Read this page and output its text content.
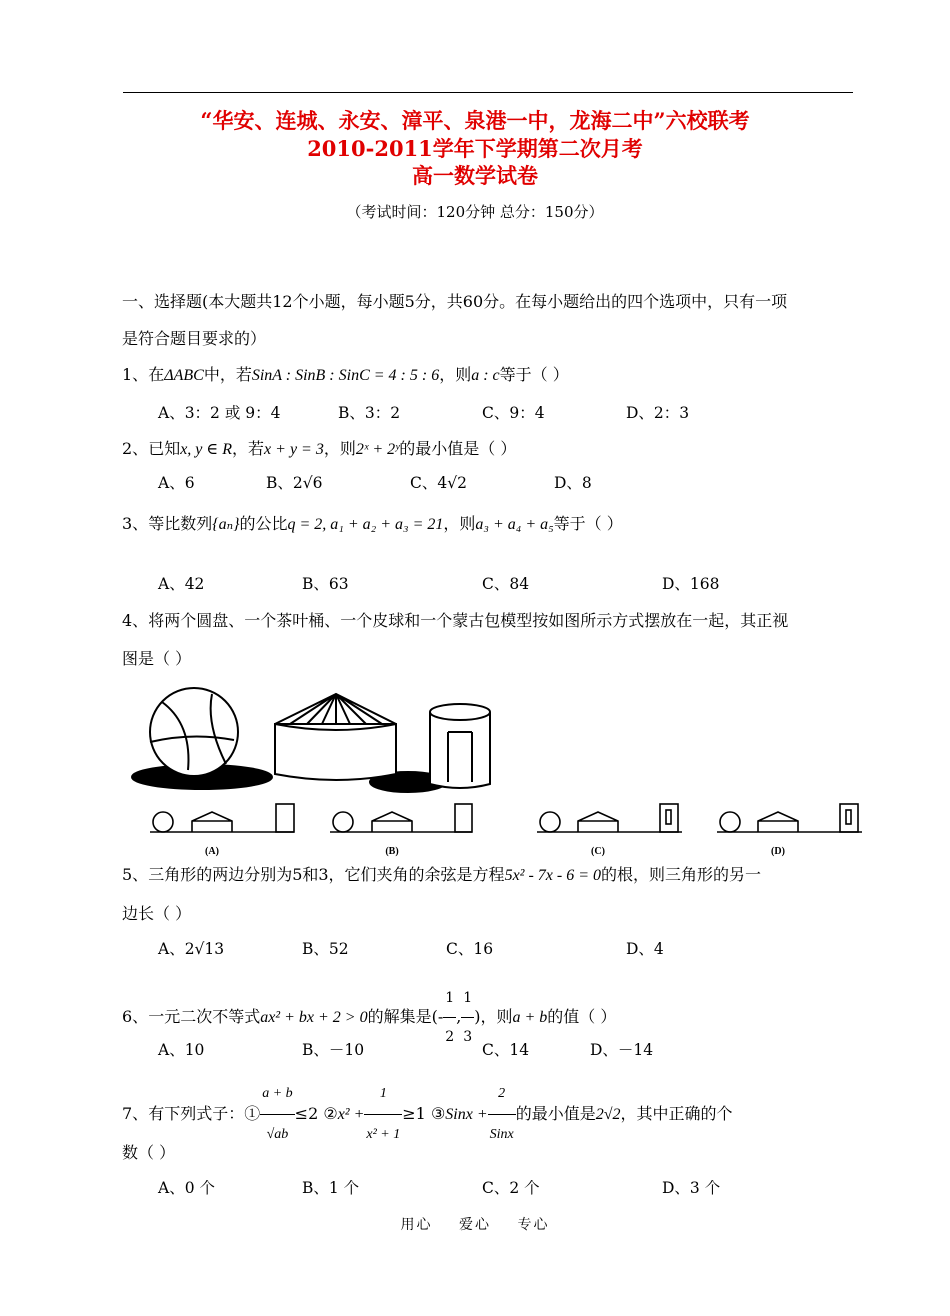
“华安、连城、永安、漳平、泉港一中，龙海二中”六校联考
2010-2011学年下学期第二次月考
高一数学试卷
（考试时间：120分钟 总分：150分）
一、选择题(本大题共12个小题，每小题5分，共60分。在每小题给出的四个选项中，只有一项
是符合题目要求的）
1、在ΔABC中，若SinA : SinB : SinC = 4 : 5 : 6，则a : c等于（ ）
A、3：2 或 9：4	B、3：2	C、9：4	D、2：3
2、已知x, y ∈ R，若x + y = 3，则2ˣ + 2ʸ的最小值是（ ）
A、6	B、2√6	C、4√2	D、8
3、等比数列{aₙ}的公比q = 2, a₁ + a₂ + a₃ = 21，则a₃ + a₄ + a₅等于（ ）
A、42	B、63	C、84	D、168
4、将两个圆盘、一个茶叶桶、一个皮球和一个蒙古包模型按如图所示方式摆放在一起，其正视
图是（ ）
(A)	(B)	(C)	(D)
5、三角形的两边分别为5和3，它们夹角的余弦是方程5x² - 7x - 6 = 0的根，则三角形的另一
边长（ ）
A、2√13	B、52	C、16	D、4
6、一元二次不等式ax² + bx + 2 > 0的解集是(- $\frac{1}{2}$ , $\frac{1}{3}$ )，则a + b的值（ ）
A、10	B、－10	C、14	D、－14
7、有下列式子：① $\frac{a + b}{√ab} \le 2$ ②x² + $\frac{1}{\text{x² + 1}} \ge 1$ ③Sinx + $\frac{2}{\text{Sinx}}$ 的最小值是2√2，其中正确的个
数（ ）
A、0 个	B、1 个	C、2 个	D、3 个
用心 爱心 专心
